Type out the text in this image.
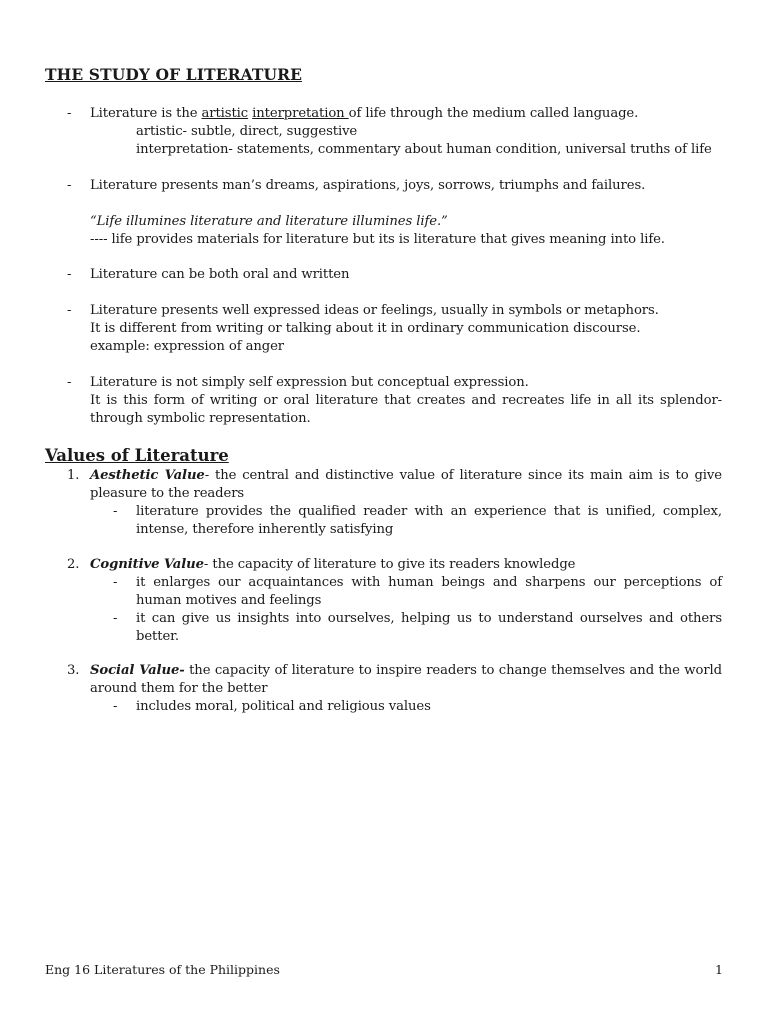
THE STUDY OF LITERATURE
- Literature is the artistic interpretation of life through the medium called language.
artistic- subtle, direct, suggestive
interpretation- statements, commentary about human condition, universal truths of life
- Literature presents man’s dreams, aspirations, joys, sorrows, triumphs and failures.
“Life illumines literature and literature illumines life.”
---- life provides materials for literature but its is literature that gives meaning into life.
- Literature can be both oral and written
- Literature presents well expressed ideas or feelings, usually in symbols or metaphors.
It is different from writing or talking about it in ordinary communication discourse.
example: expression of anger
- Literature is not simply self expression but conceptual expression.
It is this form of writing or oral literature that creates and recreates life in all its splendor- through symbolic representation.
Values of Literature
1. Aesthetic Value- the central and distinctive value of literature since its main aim is to give pleasure to the readers
- literature provides the qualified reader with an experience that is unified, complex, intense, therefore inherently satisfying
2. Cognitive Value- the capacity of literature to give its readers knowledge
- it enlarges our acquaintances with human beings and sharpens our perceptions of human motives and feelings
- it can give us insights into ourselves, helping us to understand ourselves and others better.
3. Social Value- the capacity of literature to inspire readers to change themselves and the world around them for the better
- includes moral, political and religious values
Eng 16 Literatures of the Philippines	1
